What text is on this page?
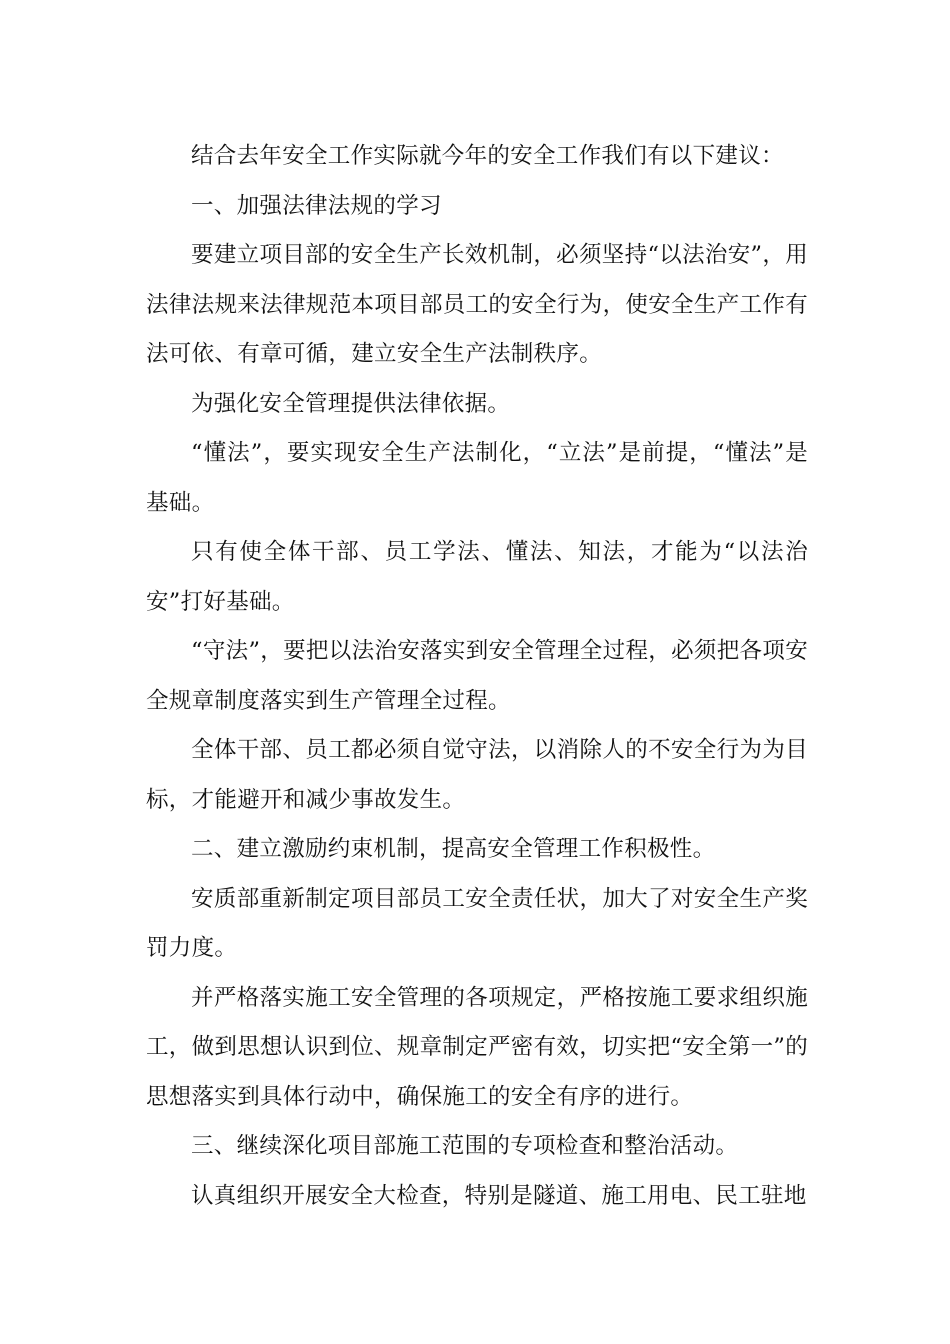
结合去年安全工作实际就今年的安全工作我们有以下建议：

一、加强法律法规的学习

要建立项目部的安全生产长效机制，必须坚持“以法治安”，用法律法规来法律规范本项目部员工的安全行为，使安全生产工作有法可依、有章可循，建立安全生产法制秩序。

为强化安全管理提供法律依据。

“懂法”，要实现安全生产法制化，“立法”是前提，“懂法”是基础。

只有使全体干部、员工学法、懂法、知法，才能为“以法治安”打好基础。

“守法”，要把以法治安落实到安全管理全过程，必须把各项安全规章制度落实到生产管理全过程。

全体干部、员工都必须自觉守法，以消除人的不安全行为为目标，才能避开和减少事故发生。

二、建立激励约束机制，提高安全管理工作积极性。

安质部重新制定项目部员工安全责任状，加大了对安全生产奖罚力度。

并严格落实施工安全管理的各项规定，严格按施工要求组织施工，做到思想认识到位、规章制定严密有效，切实把“安全第一”的思想落实到具体行动中，确保施工的安全有序的进行。

三、继续深化项目部施工范围的专项检查和整治活动。

认真组织开展安全大检查，特别是隧道、施工用电、民工驻地
